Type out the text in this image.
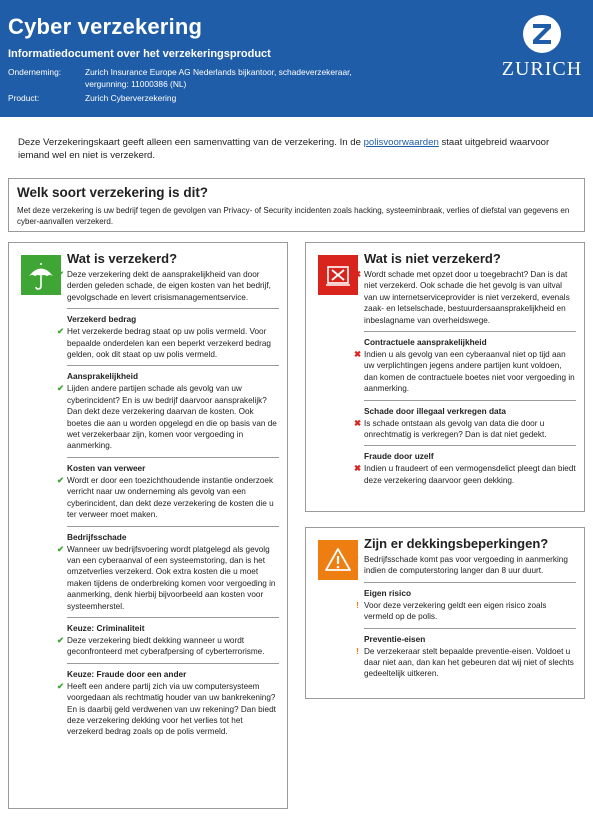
Cyber verzekering
Informatiedocument over het verzekeringsproduct
Onderneming:	Zurich Insurance Europe AG Nederlands bijkantoor, schadeverzekeraar,
vergunning: 11000386 (NL)
Product:	Zurich Cyberverzekering
ZURICH
Deze Verzekeringskaart geeft alleen een samenvatting van de verzekering. In de polisvoorwaarden staat uitgebreid waarvoor iemand wel en niet is verzekerd.
Welk soort verzekering is dit?

Met deze verzekering is uw bedrijf tegen de gevolgen van Privacy- of Security incidenten zoals hacking, systeeminbraak, verlies of diefstal van gegevens en cyber-aanvallen verzekerd.

Wat is verzekerd?
✔ Deze verzekering dekt de aansprakelijkheid van door derden geleden schade, de eigen kosten van het bedrijf, gevolgschade en levert crisismanagementservice.
Verzekerd bedrag
✔ Het verzekerde bedrag staat op uw polis vermeld. Voor bepaalde onderdelen kan een beperkt verzekerd bedrag gelden, ook dit staat op uw polis vermeld.
Aansprakelijkheid
✔ Lijden andere partijen schade als gevolg van uw cyberincident? En is uw bedrijf daarvoor aansprakelijk? Dan dekt deze verzekering daarvan de kosten. Ook boetes die aan u worden opgelegd en die op basis van de wet verzekerbaar zijn, komen voor vergoeding in aanmerking.
Kosten van verweer
✔ Wordt er door een toezichthoudende instantie onderzoek verricht naar uw onderneming als gevolg van een cyberincident, dan dekt deze verzekering de kosten die u ter verweer moet maken.
Bedrijfsschade
✔ Wanneer uw bedrijfsvoering wordt platgelegd als gevolg van een cyberaanval of een systeemstoring, dan is het omzetverlies verzekerd. Ook extra kosten die u moet maken tijdens de onderbreking komen voor vergoeding in aanmerking, denk hierbij bijvoorbeeld aan kosten voor systeemherstel.
Keuze: Criminaliteit
✔ Deze verzekering biedt dekking wanneer u wordt geconfronteerd met cyberafpersing of cyberterrorisme.
Keuze: Fraude door een ander
✔ Heeft een andere partij zich via uw computersysteem voorgedaan als rechtmatig houder van uw bankrekening? En is daarbij geld verdwenen van uw rekening? Dan biedt deze verzekering dekking voor het verlies tot het verzekerd bedrag zoals op de polis vermeld.
Wat is niet verzekerd?
✖ Wordt schade met opzet door u toegebracht? Dan is dat niet verzekerd. Ook schade die het gevolg is van uitval van uw internetserviceprovider is niet verzekerd, evenals zaak- en letselschade, bestuurdersaansprakelijkheid en inbeslagname van overheidswege.
Contractuele aansprakelijkheid
✖ Indien u als gevolg van een cyberaanval niet op tijd aan uw verplichtingen jegens andere partijen kunt voldoen, dan komen de contractuele boetes niet voor vergoeding in aanmerking.
Schade door illegaal verkregen data
✖ Is schade ontstaan als gevolg van data die door u onrechtmatig is verkregen? Dan is dat niet gedekt.
Fraude door uzelf
✖ Indien u fraudeert of een vermogensdelict pleegt dan biedt deze verzekering daarvoor geen dekking.
Zijn er dekkingsbeperkingen?
! Bedrijfsschade komt pas voor vergoeding in aanmerking indien de computerstoring langer dan 8 uur duurt.
Eigen risico
! Voor deze verzekering geldt een eigen risico zoals vermeld op de polis.
Preventie-eisen
! De verzekeraar stelt bepaalde preventie-eisen. Voldoet u daar niet aan, dan kan het gebeuren dat wij niet of slechts gedeeltelijk uitkeren.
